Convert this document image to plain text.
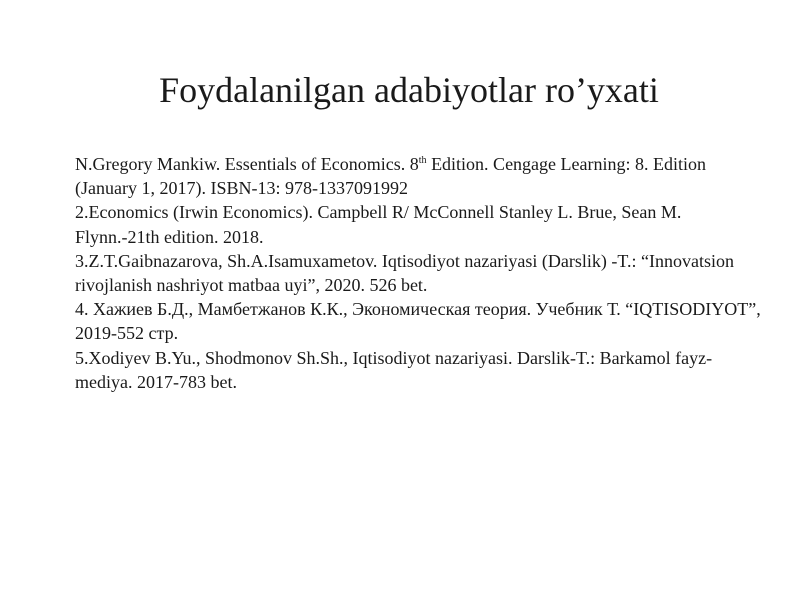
Foydalanilgan adabiyotlar ro’yxati

N.Gregory Mankiw. Essentials of Economics. 8th Edition. Cengage Learning: 8. Edition (January 1, 2017). ISBN-13: 978-1337091992

2.Economics (Irwin Economics). Campbell R/ McConnell Stanley L. Brue, Sean M. Flynn.-21th edition. 2018.

3.Z.T.Gaibnazarova, Sh.A.Isamuxametov. Iqtisodiyot nazariyasi (Darslik) -T.: “Innovatsion rivojlanish nashriyot matbaa uyi”, 2020. 526 bet.

4. Хажиев Б.Д., Мамбетжанов К.К., Экономическая теория. Учебник Т. “IQTISODIYOT”, 2019-552 стр.

5.Xodiyev B.Yu., Shodmonov Sh.Sh., Iqtisodiyot nazariyasi. Darslik-T.: Barkamol fayz-mediya. 2017-783 bet.
